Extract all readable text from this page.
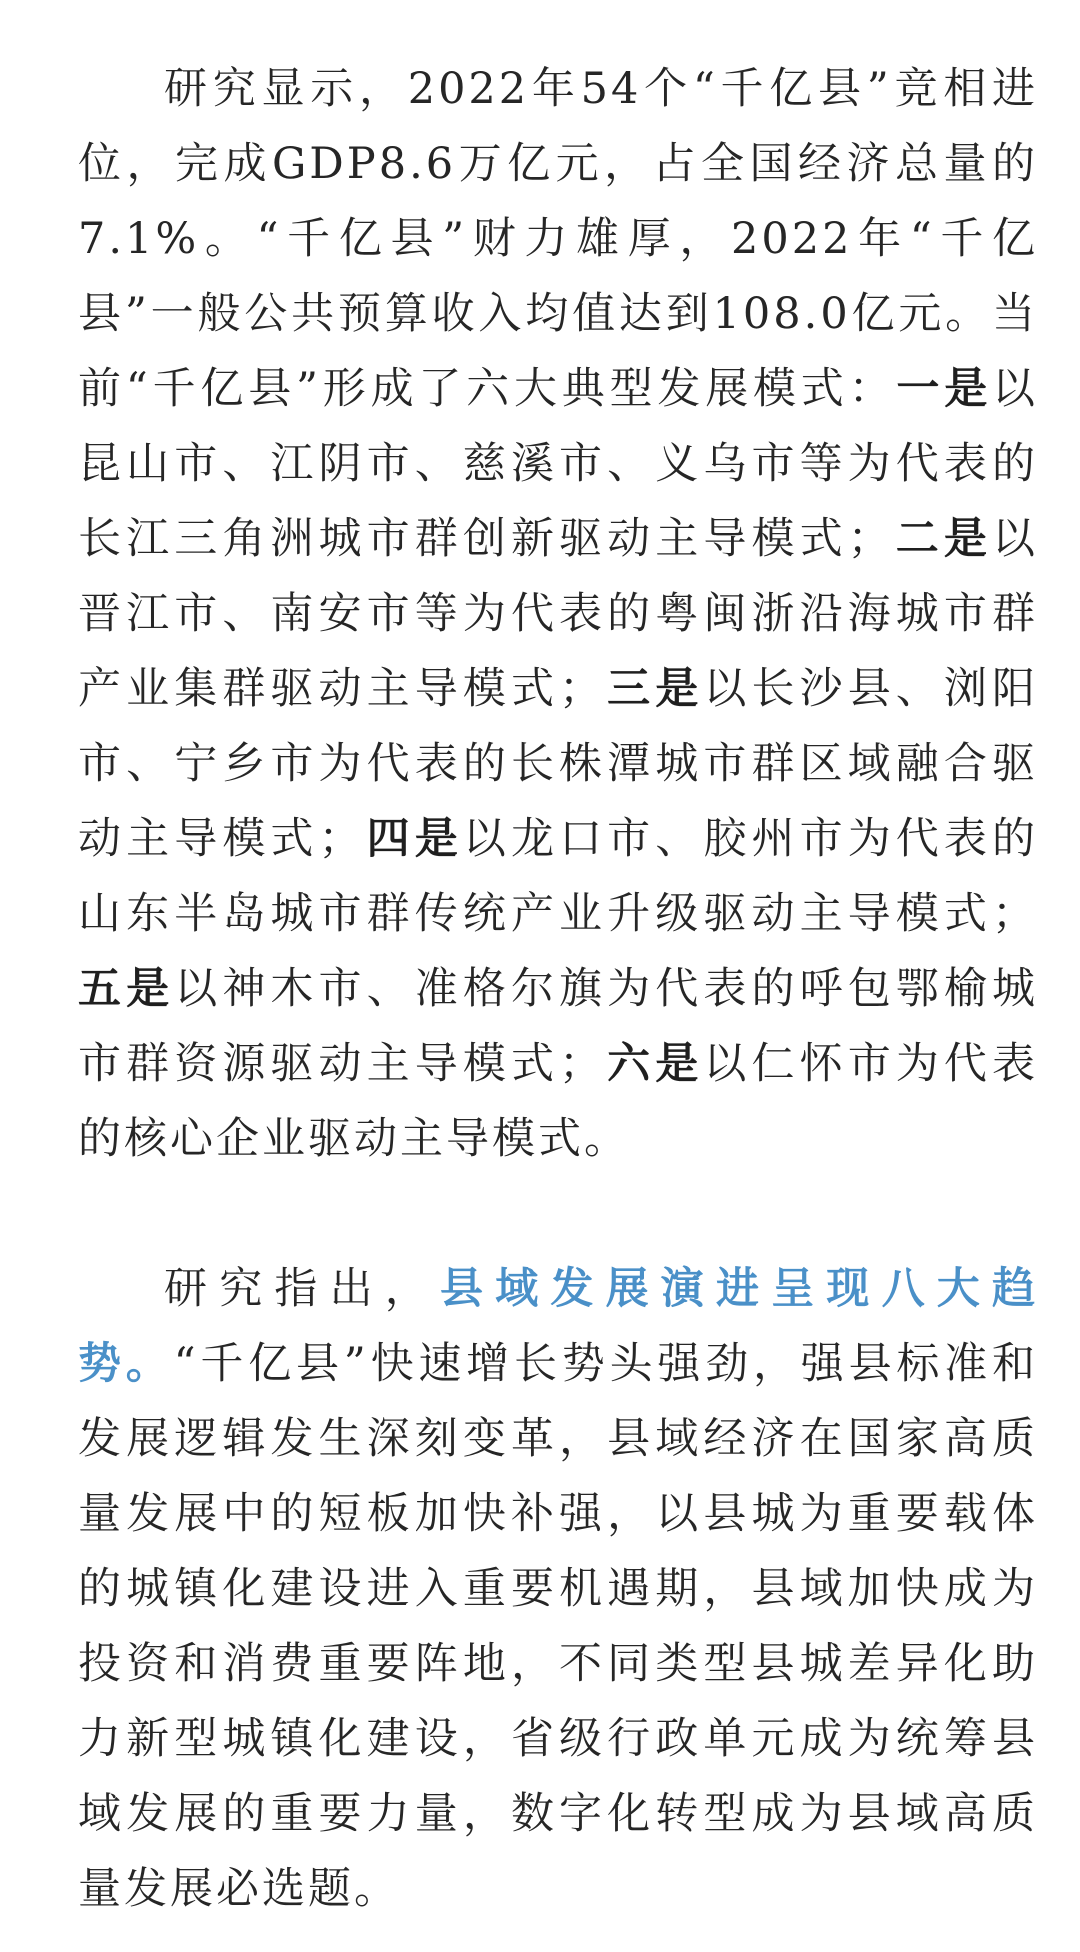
研究显示，2022年54个“千亿县”竞相进位，完成GDP8.6万亿元，占全国经济总量的7.1%。“千亿县”财力雄厚，2022年“千亿县”一般公共预算收入均值达到108.0亿元。当前“千亿县”形成了六大典型发展模式：一是以昆山市、江阴市、慈溪市、义乌市等为代表的长江三角洲城市群创新驱动主导模式；二是以晋江市、南安市等为代表的粤闽浙沿海城市群产业集群驱动主导模式；三是以长沙县、浏阳市、宁乡市为代表的长株潭城市群区域融合驱动主导模式；四是以龙口市、胶州市为代表的山东半岛城市群传统产业升级驱动主导模式；五是以神木市、准格尔旗为代表的呼包鄂榆城市群资源驱动主导模式；六是以仁怀市为代表的核心企业驱动主导模式。

研究指出，县域发展演进呈现八大趋势。“千亿县”快速增长势头强劲，强县标准和发展逻辑发生深刻变革，县域经济在国家高质量发展中的短板加快补强，以县城为重要载体的城镇化建设进入重要机遇期，县域加快成为投资和消费重要阵地，不同类型县城差异化助力新型城镇化建设，省级行政单元成为统筹县域发展的重要力量，数字化转型成为县域高质量发展必选题。
